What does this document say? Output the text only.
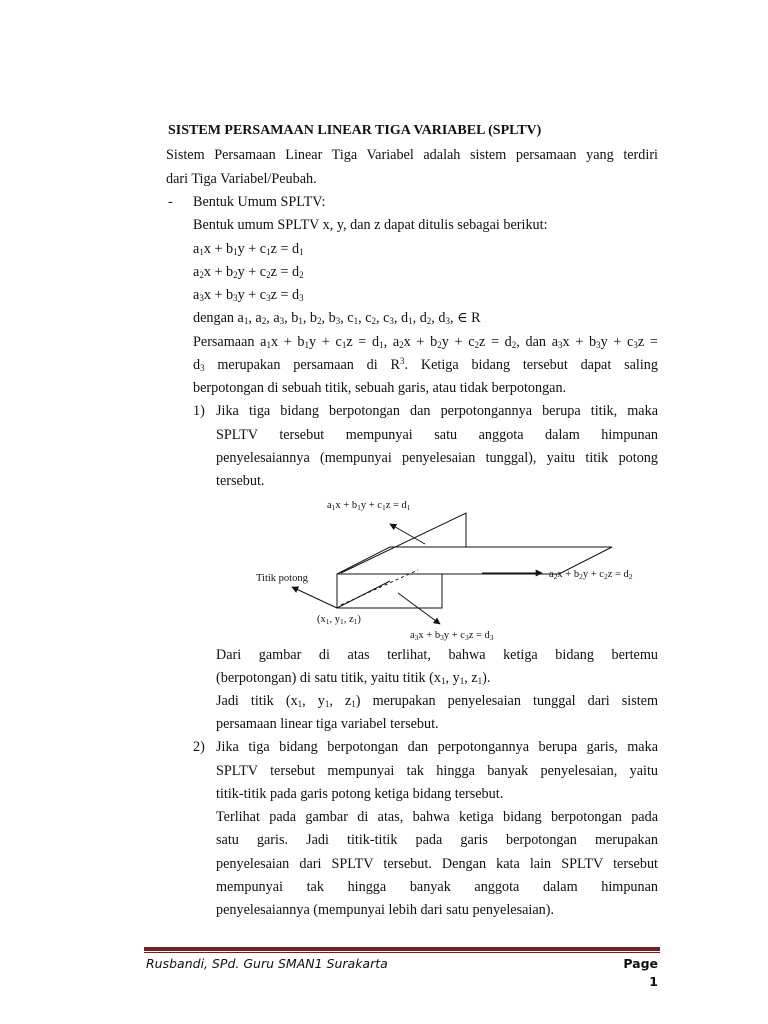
SISTEM PERSAMAAN LINEAR TIGA VARIABEL (SPLTV)
Sistem Persamaan Linear Tiga Variabel adalah sistem persamaan yang terdiri
dari Tiga Variabel/Peubah.
- Bentuk Umum SPLTV:
Bentuk umum SPLTV x, y, dan z dapat ditulis sebagai berikut:
$a_1x + b_1y + c_1z = d_1$
$a_2x + b_2y + c_2z = d_2$
$a_3x + b_3y + c_3z = d_3$
dengan $a_1$, $a_2$, $a_3$, $b_1$, $b_2$, $b_3$, $c_1$, $c_2$, $c_3$, $d_1$, $d_2$, $d_3$, ∈ R
Persamaan $a_1x + b_1y + c_1z = d_1$, $a_2x + b_2y + c_2z = d_2$, dan $a_3x + b_3y + c_3z$ =
$d_3$ merupakan persamaan di $R^3$. Ketiga bidang tersebut dapat saling
berpotongan di sebuah titik, sebuah garis, atau tidak berpotongan.
1) Jika tiga bidang berpotongan dan perpotongannya berupa titik, maka
SPLTV tersebut mempunyai satu anggota dalam himpunan
penyelesaiannya (mempunyai penyelesaian tunggal), yaitu titik potong
tersebut.
$a_1x + b_1y + c_1z = d_1$
$a_2x + b_2y + c_2z = d_2$
$a_3x + b_3y + c_3z = d_3$
Titik potong
($x_1$, $y_1$, $z_1$)
Dari gambar di atas terlihat, bahwa ketiga bidang bertemu
(berpotongan) di satu titik, yaitu titik ($x_1$, $y_1$, $z_1$).
Jadi titik ($x_1$, $y_1$, $z_1$) merupakan penyelesaian tunggal dari sistem
persamaan linear tiga variabel tersebut.
2) Jika tiga bidang berpotongan dan perpotongannya berupa garis, maka
SPLTV tersebut mempunyai tak hingga banyak penyelesaian, yaitu
titik-titik pada garis potong ketiga bidang tersebut.
Terlihat pada gambar di atas, bahwa ketiga bidang berpotongan pada
satu garis. Jadi titik-titik pada garis berpotongan merupakan
penyelesaian dari SPLTV tersebut. Dengan kata lain SPLTV tersebut
mempunyai tak hingga banyak anggota dalam himpunan
penyelesaiannya (mempunyai lebih dari satu penyelesaian).
Rusbandi, SPd. Guru SMAN1 Surakarta	Page 1
